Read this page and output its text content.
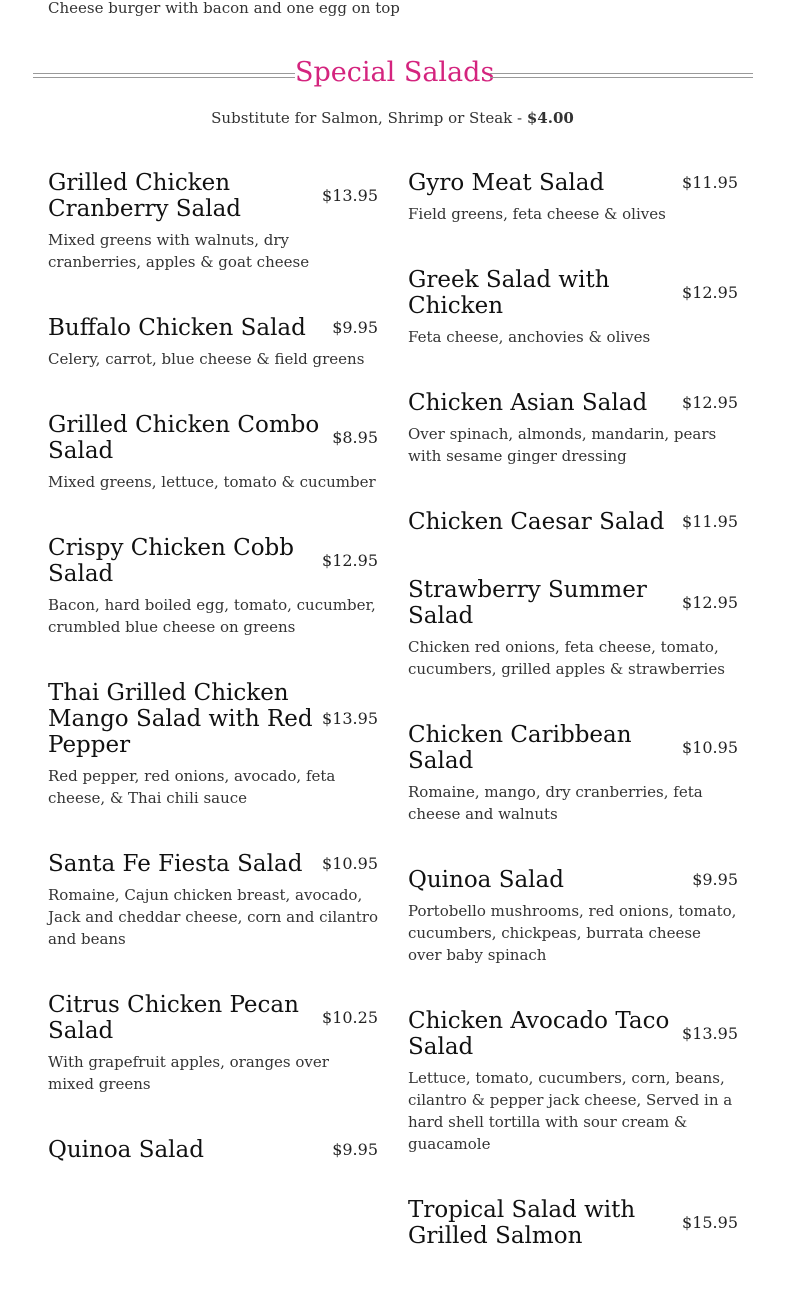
Cheese burger with bacon and one egg on top
Special Salads
Substitute for Salmon, Shrimp or Steak - $4.00
Grilled Chicken Cranberry Salad
$13.95
Mixed greens with walnuts, dry cranberries, apples & goat cheese
Buffalo Chicken Salad	$9.95
Celery, carrot, blue cheese & field greens
Grilled Chicken Combo Salad
$8.95
Mixed greens, lettuce, tomato & cucumber
Crispy Chicken Cobb Salad
$12.95
Bacon, hard boiled egg, tomato, cucumber, crumbled blue cheese on greens
Thai Grilled Chicken Mango Salad with Red Pepper
$13.95
Red pepper, red onions, avocado, feta cheese, & Thai chili sauce
Santa Fe Fiesta Salad	$10.95
Romaine, Cajun chicken breast, avocado, Jack and cheddar cheese, corn and cilantro and beans
Citrus Chicken Pecan Salad
$10.25
With grapefruit apples, oranges over mixed greens
Quinoa Salad	$9.95
Gyro Meat Salad	$11.95
Field greens, feta cheese & olives
Greek Salad with Chicken
$12.95
Feta cheese, anchovies & olives
Chicken Asian Salad	$12.95
Over spinach, almonds, mandarin, pears with sesame ginger dressing
Chicken Caesar Salad	$11.95
Strawberry Summer Salad
$12.95
Chicken red onions, feta cheese, tomato, cucumbers, grilled apples & strawberries
Chicken Caribbean Salad
$10.95
Romaine, mango, dry cranberries, feta cheese and walnuts
Quinoa Salad	$9.95
Portobello mushrooms, red onions, tomato, cucumbers, chickpeas, burrata cheese over baby spinach
Chicken Avocado Taco Salad
$13.95
Lettuce, tomato, cucumbers, corn, beans, cilantro & pepper jack cheese, Served in a hard shell tortilla with sour cream & guacamole
Tropical Salad with Grilled Salmon
$15.95
